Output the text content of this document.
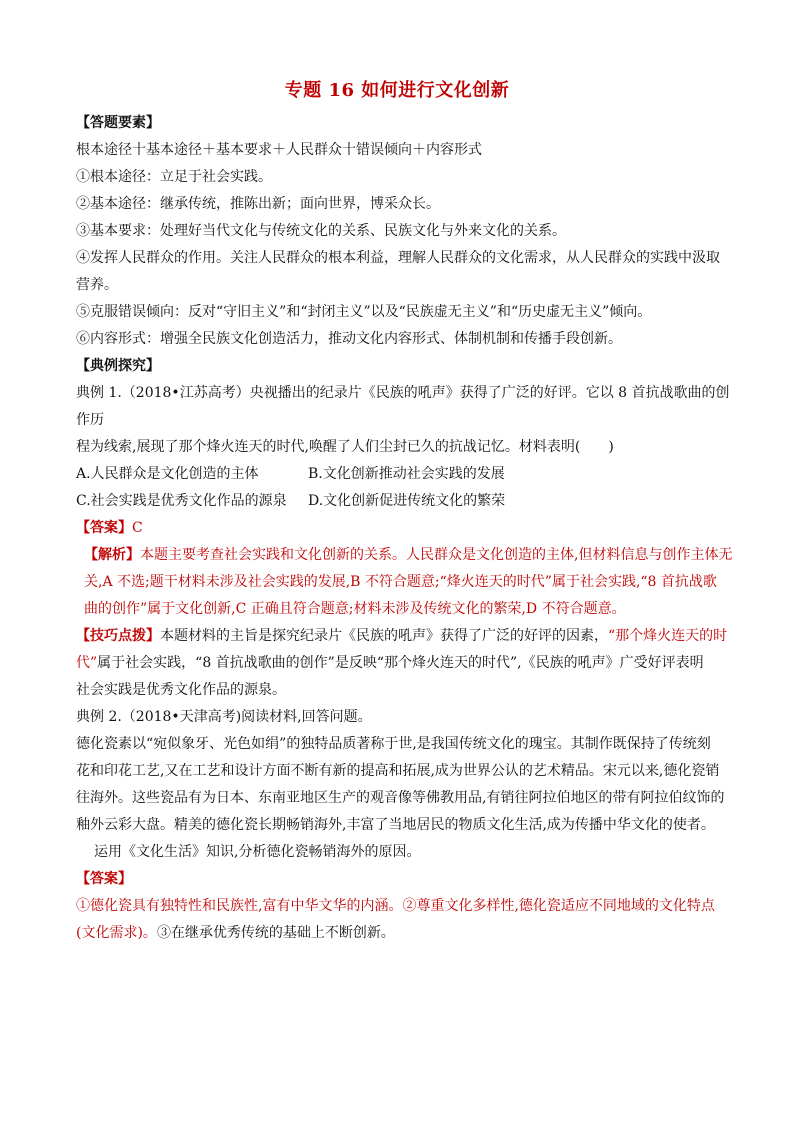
专题 16 如何进行文化创新

【答题要素】

根本途径十基本途径＋基本要求＋人民群众十错误倾向＋内容形式

①根本途径：立足于社会实践。

②基本途径：继承传统，推陈出新；面向世界，博采众长。

③基本要求：处理好当代文化与传统文化的关系、民族文化与外来文化的关系。

④发挥人民群众的作用。关注人民群众的根本利益，理解人民群众的文化需求，从人民群众的实践中汲取

营养。

⑤克服错误倾向：反对“守旧主义”和“封闭主义”以及“民族虚无主义”和“历史虚无主义”倾向。

⑥内容形式：增强全民族文化创造活力，推动文化内容形式、体制机制和传播手段创新。

【典例探究】

典例 1.（2018•江苏高考）央视播出的纪录片《民族的吼声》获得了广泛的好评。它以 8 首抗战歌曲的创作历

程为线索,展现了那个烽火连天的时代,唤醒了人们尘封已久的抗战记忆。材料表明(　　)

A.人民群众是文化创造的主体	B.文化创新推动社会实践的发展
C.社会实践是优秀文化作品的源泉	D.文化创新促进传统文化的繁荣

【答案】C

【解析】本题主要考查社会实践和文化创新的关系。人民群众是文化创造的主体,但材料信息与创作主体无

关,A 不选;题干材料未涉及社会实践的发展,B 不符合题意;“烽火连天的时代”属于社会实践,“8 首抗战歌

曲的创作”属于文化创新,C 正确且符合题意;材料未涉及传统文化的繁荣,D 不符合题意。

【技巧点拨】本题材料的主旨是探究纪录片《民族的吼声》获得了广泛的好评的因素，“那个烽火连天的时

代”属于社会实践，“8 首抗战歌曲的创作”是反映“那个烽火连天的时代”,《民族的吼声》广受好评表明

社会实践是优秀文化作品的源泉。

典例 2.（2018•天津高考)阅读材料,回答问题。

德化瓷素以“宛似象牙、光色如绢”的独特品质著称于世,是我国传统文化的瑰宝。其制作既保持了传统刻

花和印花工艺,又在工艺和设计方面不断有新的提高和拓展,成为世界公认的艺术精品。宋元以来,德化瓷销

往海外。这些瓷品有为日本、东南亚地区生产的观音像等佛教用品,有销往阿拉伯地区的带有阿拉伯纹饰的

釉外云彩大盘。精美的德化瓷长期畅销海外,丰富了当地居民的物质文化生活,成为传播中华文化的使者。

运用《文化生活》知识,分析德化瓷畅销海外的原因。

【答案】

①德化瓷具有独特性和民族性,富有中华文华的内涵。②尊重文化多样性,德化瓷适应不同地域的文化特点

(文化需求)。③在继承优秀传统的基础上不断创新。
